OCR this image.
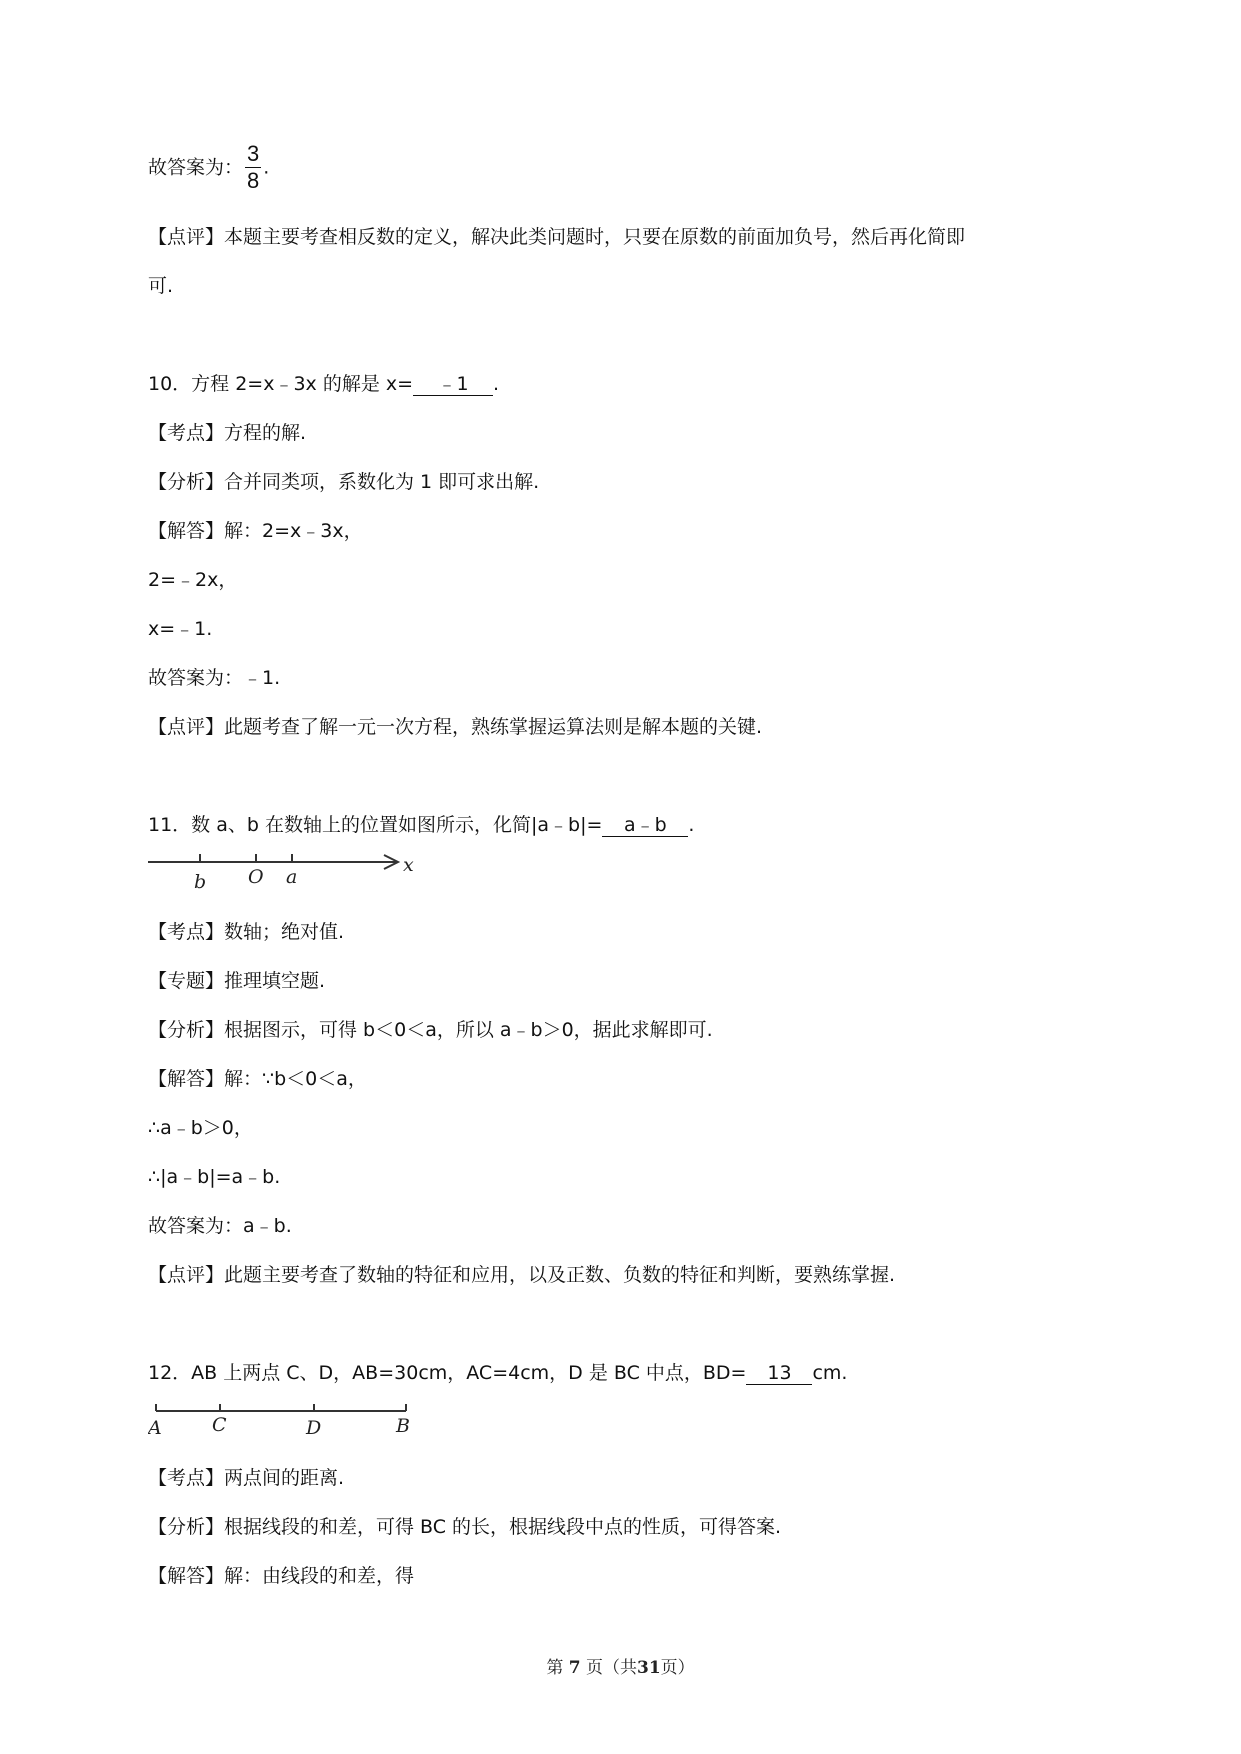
故答案为： $\frac{3}{8}$ .
【点评】本题主要考查相反数的定义，解决此类问题时，只要在原数的前面加负号，然后再化简即
可.
10．方程 2=x﹣3x 的解是 x= ﹣1 .
【考点】方程的解.
【分析】合并同类项，系数化为 1 即可求出解.
【解答】解：2=x﹣3x，
2=﹣2x，
x=﹣1.
故答案为：﹣1.
【点评】此题考查了解一元一次方程，熟练掌握运算法则是解本题的关键.
11．数 a、b 在数轴上的位置如图所示，化简|a﹣b|= a﹣b .
b O a
x
【考点】数轴；绝对值.
【专题】推理填空题.
【分析】根据图示，可得 b＜0＜a，所以 a﹣b＞0，据此求解即可.
【解答】解：∵b＜0＜a，
∴a﹣b＞0，
∴|a﹣b|=a﹣b.
故答案为：a﹣b.
【点评】此题主要考查了数轴的特征和应用，以及正数、负数的特征和判断，要熟练掌握.
12．AB 上两点 C、D，AB=30cm，AC=4cm，D 是 BC 中点，BD= 13 cm.
A	C	D	B
【考点】两点间的距离.
【分析】根据线段的和差，可得 BC 的长，根据线段中点的性质，可得答案.
【解答】解：由线段的和差，得
第 7 页（共31页）
